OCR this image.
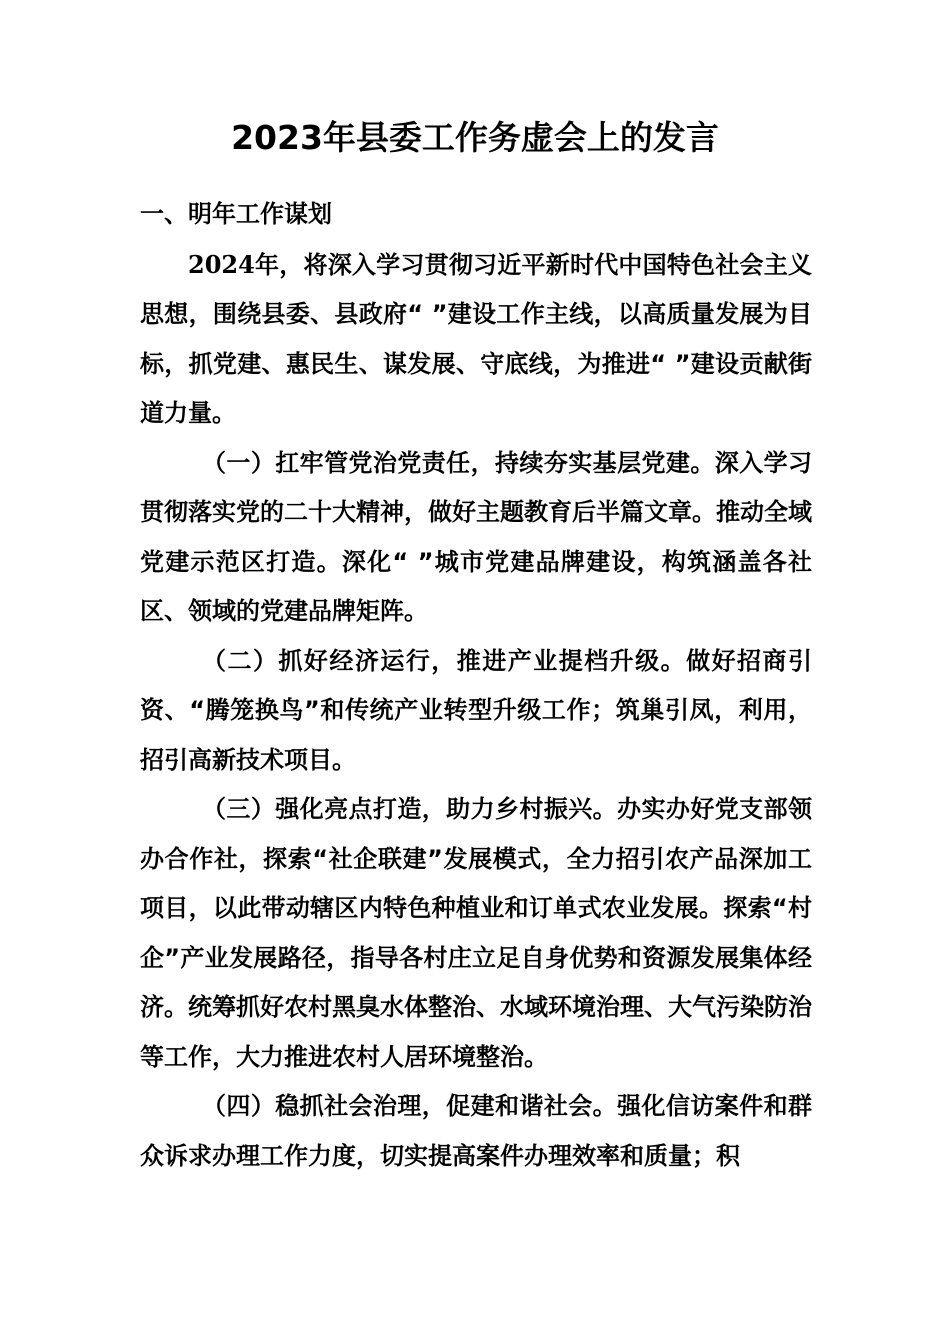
2023年县委工作务虚会上的发言

一、明年工作谋划

2024年，将深入学习贯彻习近平新时代中国特色社会主义思想，围绕县委、县政府“ ”建设工作主线，以高质量发展为目标，抓党建、惠民生、谋发展、守底线，为推进“ ”建设贡献街道力量。

（一）扛牢管党治党责任，持续夯实基层党建。深入学习贯彻落实党的二十大精神，做好主题教育后半篇文章。推动全域党建示范区打造。深化“ ”城市党建品牌建设，构筑涵盖各社区、领域的党建品牌矩阵。

（二）抓好经济运行，推进产业提档升级。做好招商引资、“腾笼换鸟”和传统产业转型升级工作；筑巢引凤，利用，招引高新技术项目。

（三）强化亮点打造，助力乡村振兴。办实办好党支部领办合作社，探索“社企联建”发展模式，全力招引农产品深加工项目，以此带动辖区内特色种植业和订单式农业发展。探索“村企”产业发展路径，指导各村庄立足自身优势和资源发展集体经济。统筹抓好农村黑臭水体整治、水域环境治理、大气污染防治等工作，大力推进农村人居环境整治。

（四）稳抓社会治理，促建和谐社会。强化信访案件和群众诉求办理工作力度，切实提高案件办理效率和质量；积
